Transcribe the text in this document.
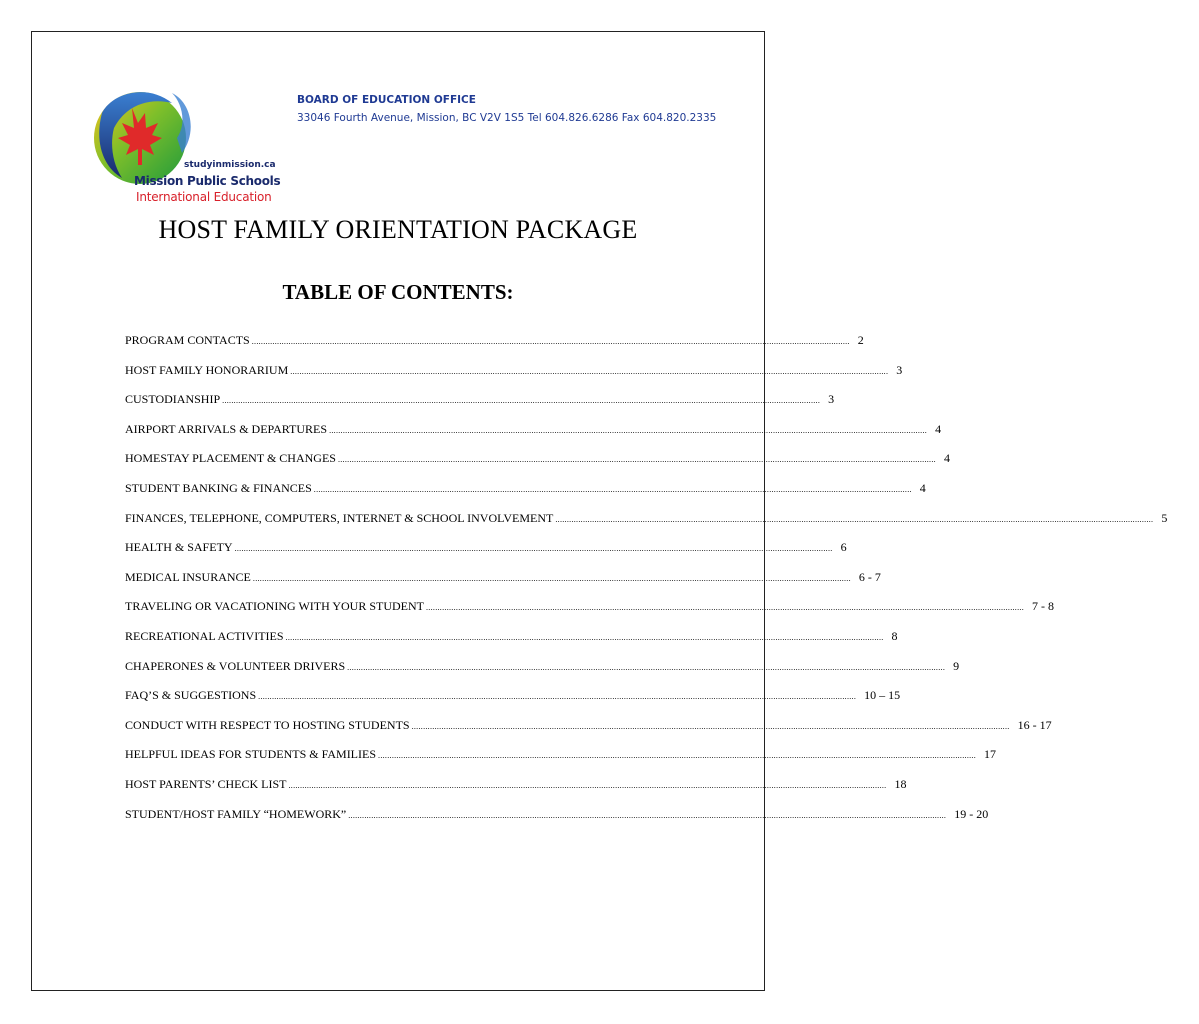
studyinmission.ca
Mission Public Schools
International Education
BOARD OF EDUCATION OFFICE
33046 Fourth Avenue, Mission, BC V2V 1S5 Tel 604.826.6286 Fax 604.820.2335
HOST FAMILY ORIENTATION PACKAGE
TABLE OF CONTENTS:
PROGRAM CONTACTS .................................................................................................................................................................................................................................................................... 2
HOST FAMILY HONORARIUM .................................................................................................................................................................................................................................................................... 3
CUSTODIANSHIP .................................................................................................................................................................................................................................................................... 3
AIRPORT ARRIVALS & DEPARTURES .................................................................................................................................................................................................................................................................... 4
HOMESTAY PLACEMENT & CHANGES .................................................................................................................................................................................................................................................................... 4
STUDENT BANKING & FINANCES .................................................................................................................................................................................................................................................................... 4
FINANCES, TELEPHONE, COMPUTERS, INTERNET & SCHOOL INVOLVEMENT .................................................................................................................................................................................................................................................................... 5
HEALTH & SAFETY .................................................................................................................................................................................................................................................................... 6
MEDICAL INSURANCE .................................................................................................................................................................................................................................................................... 6 - 7
TRAVELING OR VACATIONING WITH YOUR STUDENT .................................................................................................................................................................................................................................................................... 7 - 8
RECREATIONAL ACTIVITIES .................................................................................................................................................................................................................................................................... 8
CHAPERONES & VOLUNTEER DRIVERS .................................................................................................................................................................................................................................................................... 9
FAQ’S & SUGGESTIONS .................................................................................................................................................................................................................................................................... 10 – 15
CONDUCT WITH RESPECT TO HOSTING STUDENTS .................................................................................................................................................................................................................................................................... 16 - 17
HELPFUL IDEAS FOR STUDENTS & FAMILIES .................................................................................................................................................................................................................................................................... 17
HOST PARENTS’ CHECK LIST .................................................................................................................................................................................................................................................................... 18
STUDENT/HOST FAMILY “HOMEWORK” .................................................................................................................................................................................................................................................................... 19 - 20
